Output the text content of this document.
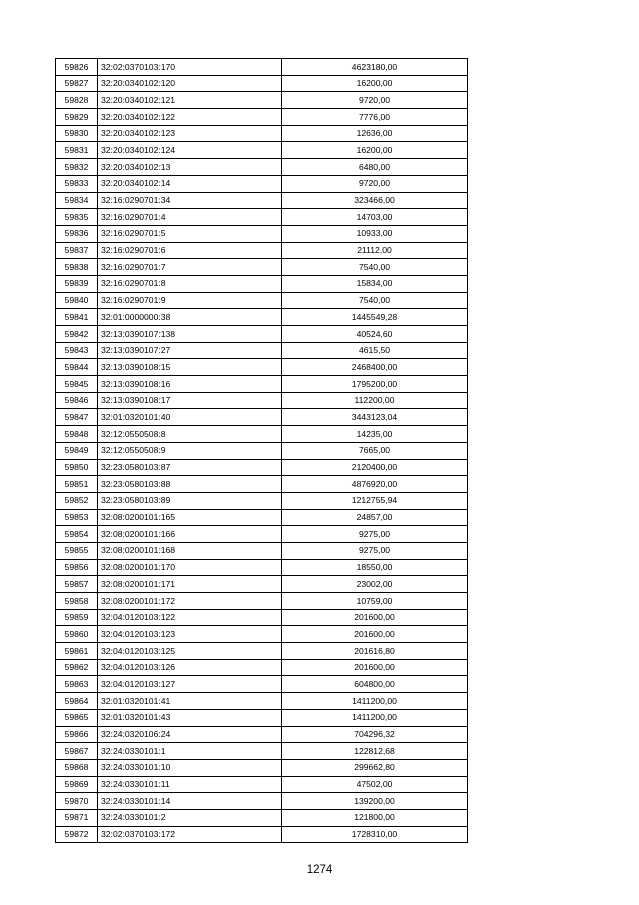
59826	32:02:0370103:170	4623180,00
59827	32:20:0340102:120	16200,00
59828	32:20:0340102:121	9720,00
59829	32:20:0340102:122	7776,00
59830	32:20:0340102:123	12636,00
59831	32:20:0340102:124	16200,00
59832	32:20:0340102:13	6480,00
59833	32:20:0340102:14	9720,00
59834	32:16:0290701:34	323466,00
59835	32:16:0290701:4	14703,00
59836	32:16:0290701:5	10933,00
59837	32:16:0290701:6	21112,00
59838	32:16:0290701:7	7540,00
59839	32:16:0290701:8	15834,00
59840	32:16:0290701:9	7540,00
59841	32:01:0000000:38	1445549,28
59842	32:13:0390107:138	40524,60
59843	32:13:0390107:27	4615,50
59844	32:13:0390108:15	2468400,00
59845	32:13:0390108:16	1795200,00
59846	32:13:0390108:17	112200,00
59847	32:01:0320101:40	3443123,04
59848	32:12:0550508:8	14235,00
59849	32:12:0550508:9	7665,00
59850	32:23:0580103:87	2120400,00
59851	32:23:0580103:88	4876920,00
59852	32:23:0580103:89	1212755,94
59853	32:08:0200101:165	24857,00
59854	32:08:0200101:166	9275,00
59855	32:08:0200101:168	9275,00
59856	32:08:0200101:170	18550,00
59857	32:08:0200101:171	23002,00
59858	32:08:0200101:172	10759,00
59859	32:04:0120103:122	201600,00
59860	32:04:0120103:123	201600,00
59861	32:04:0120103:125	201616,80
59862	32:04:0120103:126	201600,00
59863	32:04:0120103:127	604800,00
59864	32:01:0320101:41	1411200,00
59865	32:01:0320101:43	1411200,00
59866	32:24:0320106:24	704296,32
59867	32:24:0330101:1	122812,68
59868	32:24:0330101:10	299662,80
59869	32:24:0330101:11	47502,00
59870	32:24:0330101:14	139200,00
59871	32:24:0330101:2	121800,00
59872	32:02:0370103:172	1728310,00
1274
